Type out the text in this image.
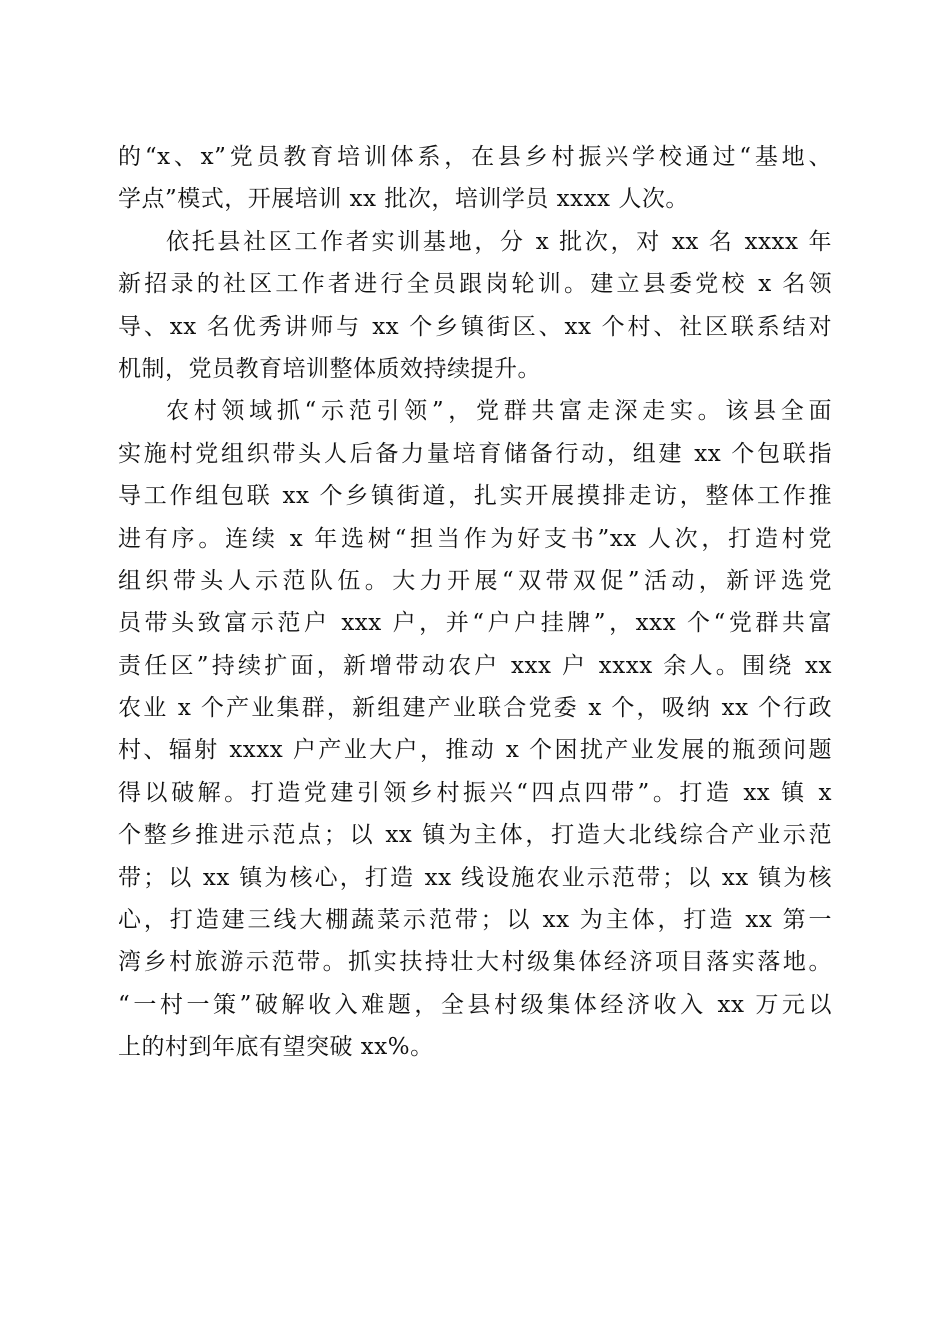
的“x、x”党员教育培训体系，在县乡村振兴学校通过“基地、
学点”模式，开展培训 xx 批次，培训学员 xxxx 人次。
依托县社区工作者实训基地，分 x 批次，对 xx 名 xxxx 年
新招录的社区工作者进行全员跟岗轮训。建立县委党校 x 名领
导、xx 名优秀讲师与 xx 个乡镇街区、xx 个村、社区联系结对
机制，党员教育培训整体质效持续提升。
农村领域抓“示范引领”，党群共富走深走实。该县全面
实施村党组织带头人后备力量培育储备行动，组建 xx 个包联指
导工作组包联 xx 个乡镇街道，扎实开展摸排走访，整体工作推
进有序。连续 x 年选树“担当作为好支书”xx 人次，打造村党
组织带头人示范队伍。大力开展“双带双促”活动，新评选党
员带头致富示范户 xxx 户，并“户户挂牌”，xxx 个“党群共富
责任区”持续扩面，新增带动农户 xxx 户 xxxx 余人。围绕 xx
农业 x 个产业集群，新组建产业联合党委 x 个，吸纳 xx 个行政
村、辐射 xxxx 户产业大户，推动 x 个困扰产业发展的瓶颈问题
得以破解。打造党建引领乡村振兴“四点四带”。打造 xx 镇 x
个整乡推进示范点；以 xx 镇为主体，打造大北线综合产业示范
带；以 xx 镇为核心，打造 xx 线设施农业示范带；以 xx 镇为核
心，打造建三线大棚蔬菜示范带；以 xx 为主体，打造 xx 第一
湾乡村旅游示范带。抓实扶持壮大村级集体经济项目落实落地。
“一村一策”破解收入难题，全县村级集体经济收入 xx 万元以
上的村到年底有望突破 xx%。
